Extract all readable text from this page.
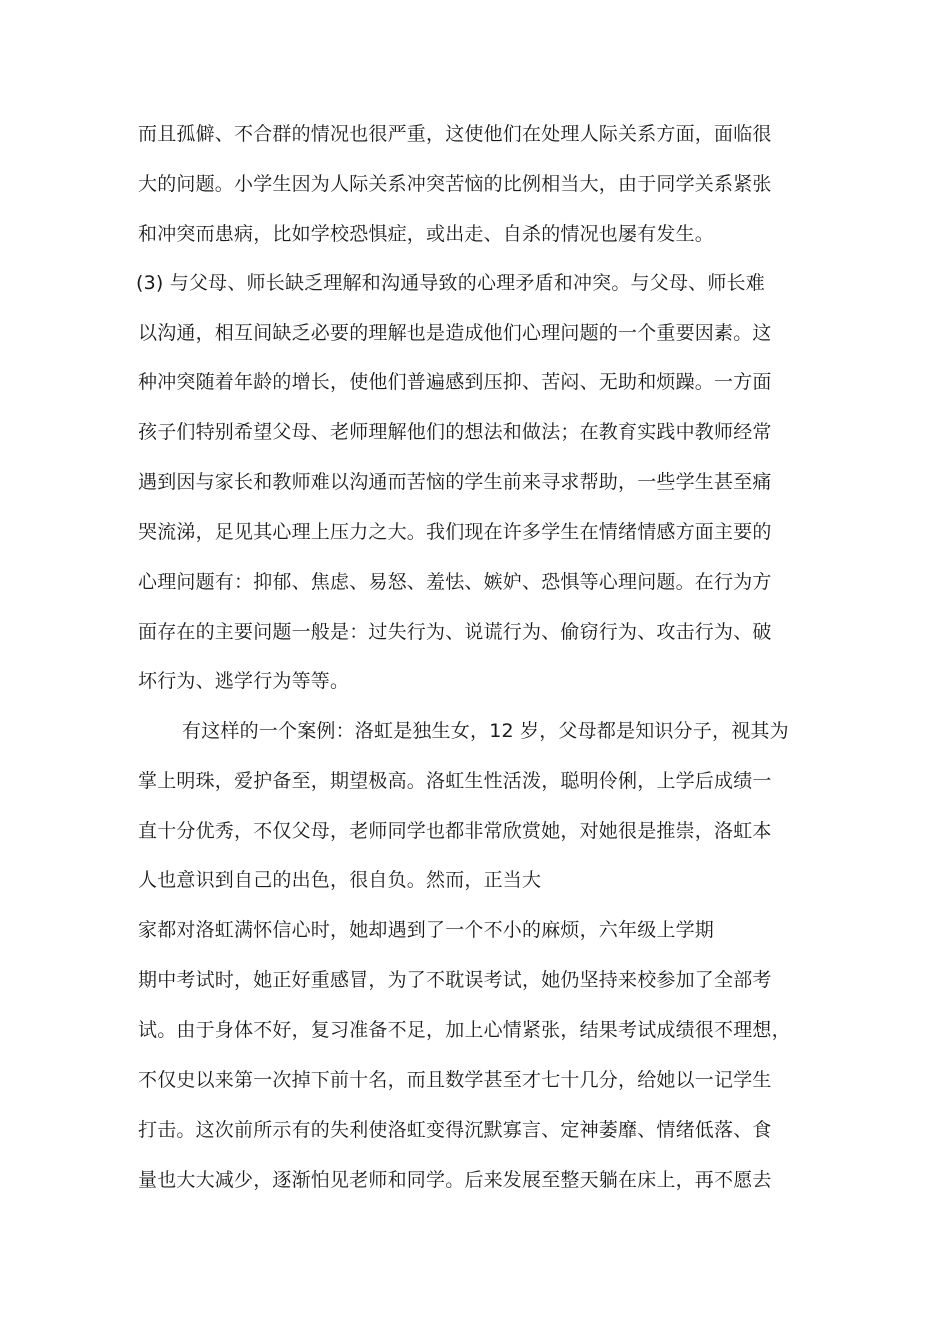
而且孤僻、不合群的情况也很严重，这使他们在处理人际关系方面，面临很

大的问题。小学生因为人际关系冲突苦恼的比例相当大，由于同学关系紧张

和冲突而患病，比如学校恐惧症，或出走、自杀的情况也屡有发生。

(3) 与父母、师长缺乏理解和沟通导致的心理矛盾和冲突。与父母、师长难

以沟通，相互间缺乏必要的理解也是造成他们心理问题的一个重要因素。这

种冲突随着年龄的增长，使他们普遍感到压抑、苦闷、无助和烦躁。一方面

孩子们特别希望父母、老师理解他们的想法和做法；在教育实践中教师经常

遇到因与家长和教师难以沟通而苦恼的学生前来寻求帮助，一些学生甚至痛

哭流涕，足见其心理上压力之大。我们现在许多学生在情绪情感方面主要的

心理问题有：抑郁、焦虑、易怒、羞怯、嫉妒、恐惧等心理问题。在行为方

面存在的主要问题一般是：过失行为、说谎行为、偷窃行为、攻击行为、破

坏行为、逃学行为等等。

有这样的一个案例：洛虹是独生女，12 岁，父母都是知识分子，视其为

掌上明珠，爱护备至，期望极高。洛虹生性活泼，聪明伶俐，上学后成绩一

直十分优秀，不仅父母，老师同学也都非常欣赏她，对她很是推崇，洛虹本

人也意识到自己的出色，很自负。然而，正当大

家都对洛虹满怀信心时，她却遇到了一个不小的麻烦，六年级上学期

期中考试时，她正好重感冒，为了不耽误考试，她仍坚持来校参加了全部考

试。由于身体不好，复习准备不足，加上心情紧张，结果考试成绩很不理想，

不仅史以来第一次掉下前十名，而且数学甚至才七十几分，给她以一记学生

打击。这次前所示有的失利使洛虹变得沉默寡言、定神萎靡、情绪低落、食

量也大大减少，逐渐怕见老师和同学。后来发展至整天躺在床上，再不愿去
